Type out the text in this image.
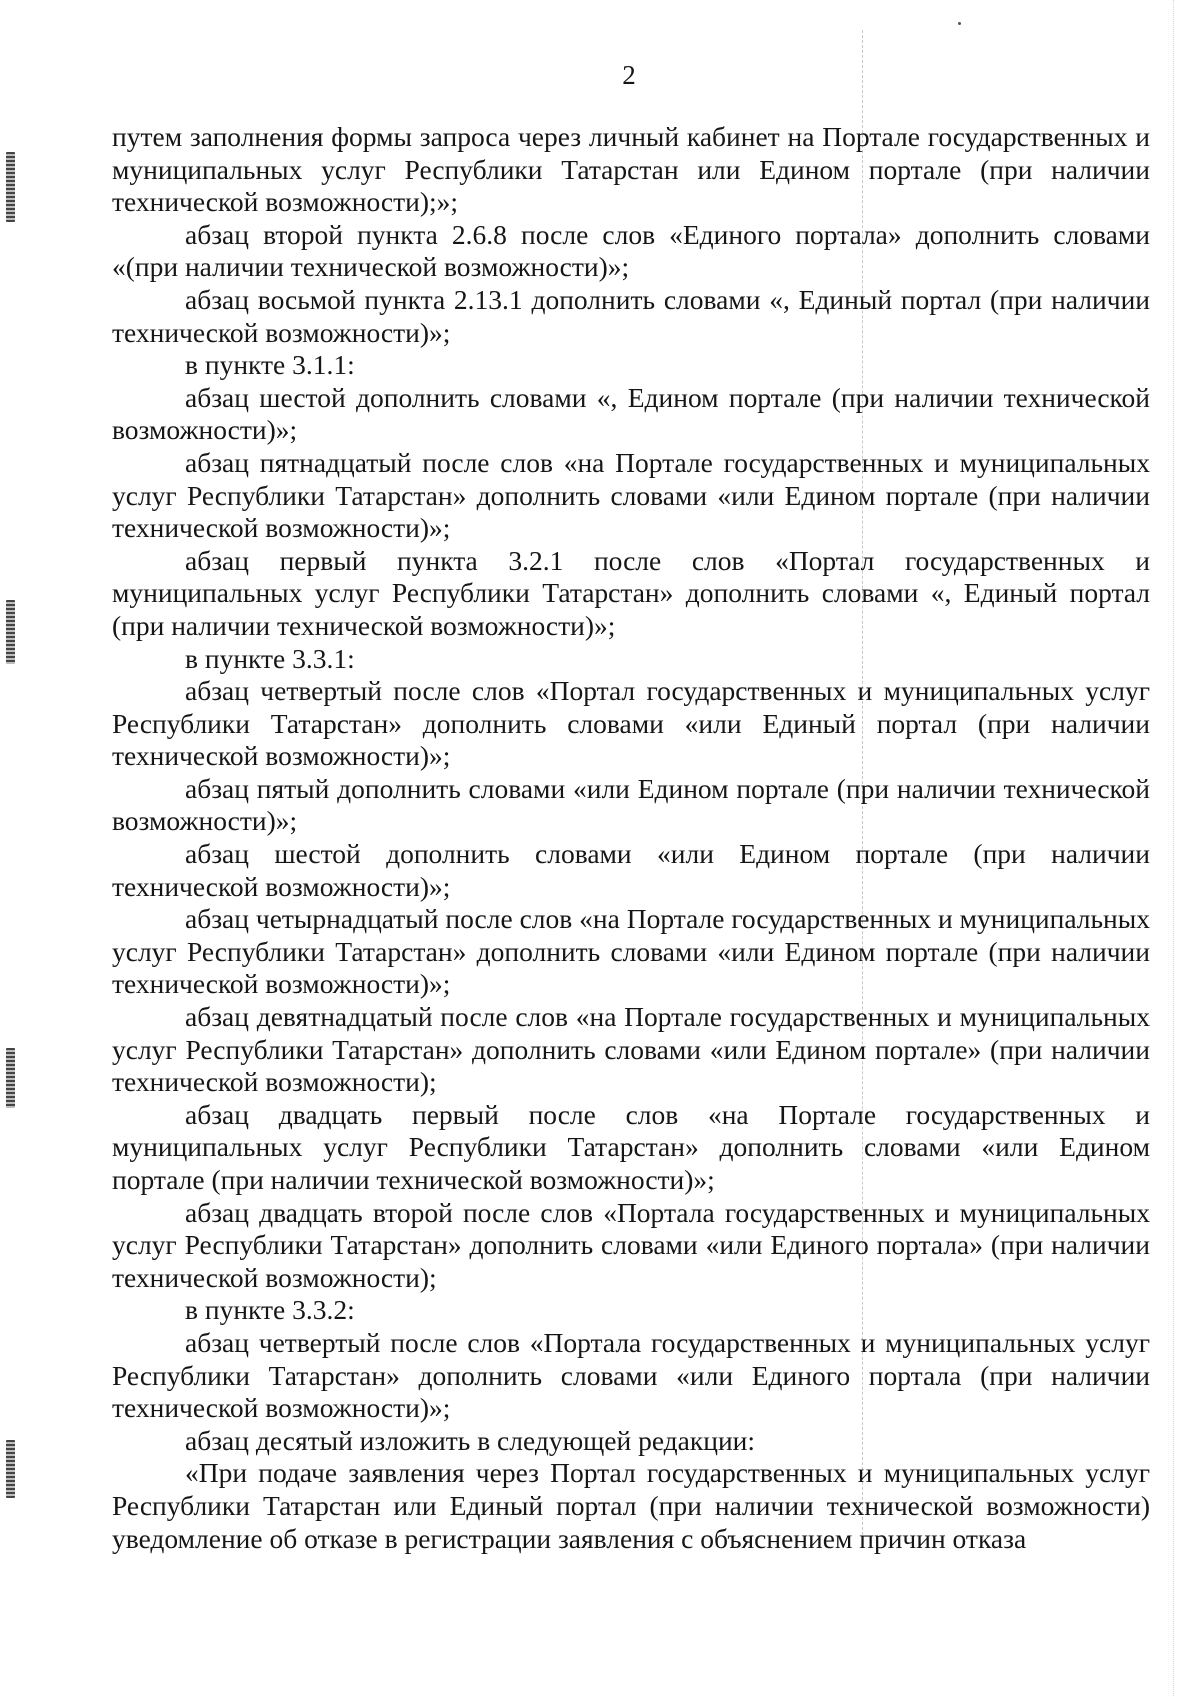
2

путем заполнения формы запроса через личный кабинет на Портале государственных и муниципальных услуг Республики Татарстан или Едином портале (при наличии технической возможности);»;

абзац второй пункта 2.6.8 после слов «Единого портала» дополнить словами «(при наличии технической возможности)»;

абзац восьмой пункта 2.13.1 дополнить словами «, Единый портал (при наличии технической возможности)»;

в пункте 3.1.1:

абзац шестой дополнить словами «, Едином портале (при наличии технической возможности)»;

абзац пятнадцатый после слов «на Портале государственных и муниципальных услуг Республики Татарстан» дополнить словами «или Едином портале (при наличии технической возможности)»;

абзац первый пункта 3.2.1 после слов «Портал государственных и муниципальных услуг Республики Татарстан» дополнить словами «, Единый портал (при наличии технической возможности)»;

в пункте 3.3.1:

абзац четвертый после слов «Портал государственных и муниципальных услуг Республики Татарстан» дополнить словами «или Единый портал (при наличии технической возможности)»;

абзац пятый дополнить словами «или Едином портале (при наличии технической возможности)»;

абзац шестой дополнить словами «или Едином портале (при наличии технической возможности)»;

абзац четырнадцатый после слов «на Портале государственных и муниципальных услуг Республики Татарстан» дополнить словами «или Едином портале (при наличии технической возможности)»;

абзац девятнадцатый после слов «на Портале государственных и муниципальных услуг Республики Татарстан» дополнить словами «или Едином портале» (при наличии технической возможности);

абзац двадцать первый после слов «на Портале государственных и муниципальных услуг Республики Татарстан» дополнить словами «или Едином портале (при наличии технической возможности)»;

абзац двадцать второй после слов «Портала государственных и муниципальных услуг Республики Татарстан» дополнить словами «или Единого портала» (при наличии технической возможности);

в пункте 3.3.2:

абзац четвертый после слов «Портала государственных и муниципальных услуг Республики Татарстан» дополнить словами «или Единого портала (при наличии технической возможности)»;

абзац десятый изложить в следующей редакции:

«При подаче заявления через Портал государственных и муниципальных услуг Республики Татарстан или Единый портал (при наличии технической возможности) уведомление об отказе в регистрации заявления с объяснением причин отказа
